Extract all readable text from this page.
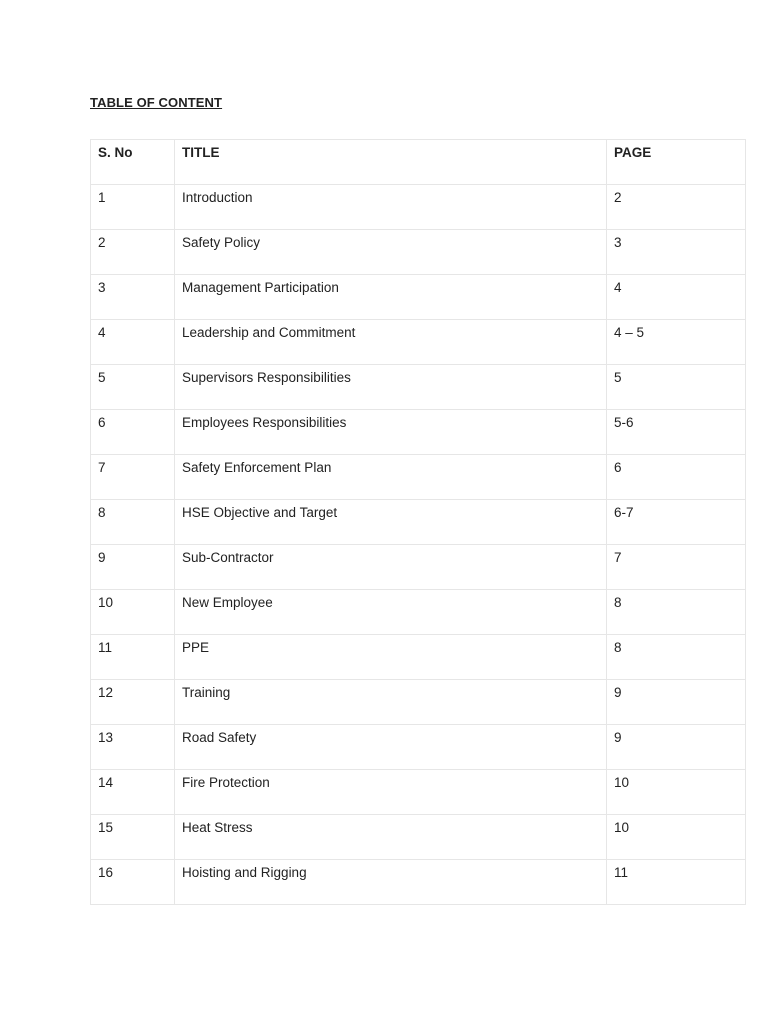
TABLE OF CONTENT
S. No	TITLE	PAGE
1	Introduction	2
2	Safety Policy	3
3	Management Participation	4
4	Leadership and Commitment	4 – 5
5	Supervisors Responsibilities	5
6	Employees Responsibilities	5-6
7	Safety Enforcement Plan	6
8	HSE Objective and Target	6-7
9	Sub-Contractor	7
10	New Employee	8
11	PPE	8
12	Training	9
13	Road Safety	9
14	Fire Protection	10
15	Heat Stress	10
16	Hoisting and Rigging	11
